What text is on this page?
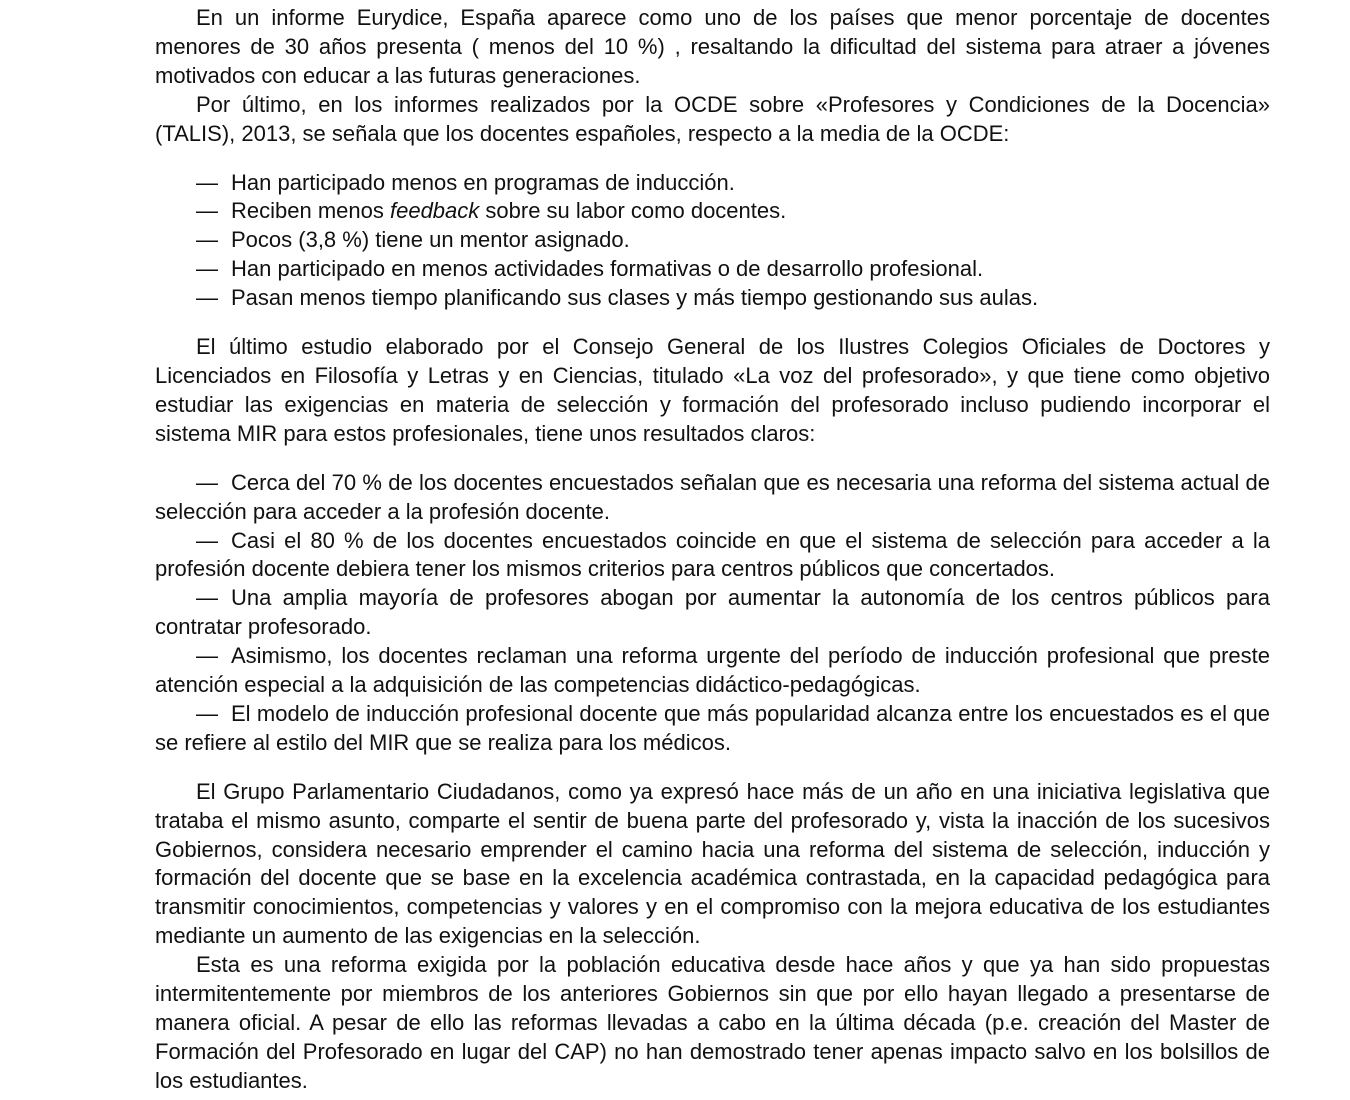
En un informe Eurydice, España aparece como uno de los países que menor porcentaje de docentes menores de 30 años presenta ( menos del 10 %) , resaltando la dificultad del sistema para atraer a jóvenes motivados con educar a las futuras generaciones.

Por último, en los informes realizados por la OCDE sobre «Profesores y Condiciones de la Docencia» (TALIS), 2013, se señala que los docentes españoles, respecto a la media de la OCDE:

— Han participado menos en programas de inducción.
— Reciben menos feedback sobre su labor como docentes.
— Pocos (3,8 %) tiene un mentor asignado.
— Han participado en menos actividades formativas o de desarrollo profesional.
— Pasan menos tiempo planificando sus clases y más tiempo gestionando sus aulas.

El último estudio elaborado por el Consejo General de los Ilustres Colegios Oficiales de Doctores y Licenciados en Filosofía y Letras y en Ciencias, titulado «La voz del profesorado», y que tiene como objetivo estudiar las exigencias en materia de selección y formación del profesorado incluso pudiendo incorporar el sistema MIR para estos profesionales, tiene unos resultados claros:

— Cerca del 70 % de los docentes encuestados señalan que es necesaria una reforma del sistema actual de selección para acceder a la profesión docente.
— Casi el 80 % de los docentes encuestados coincide en que el sistema de selección para acceder a la profesión docente debiera tener los mismos criterios para centros públicos que concertados.
— Una amplia mayoría de profesores abogan por aumentar la autonomía de los centros públicos para contratar profesorado.
— Asimismo, los docentes reclaman una reforma urgente del período de inducción profesional que preste atención especial a la adquisición de las competencias didáctico-pedagógicas.
— El modelo de inducción profesional docente que más popularidad alcanza entre los encuestados es el que se refiere al estilo del MIR que se realiza para los médicos.

El Grupo Parlamentario Ciudadanos, como ya expresó hace más de un año en una iniciativa legislativa que trataba el mismo asunto, comparte el sentir de buena parte del profesorado y, vista la inacción de los sucesivos Gobiernos, considera necesario emprender el camino hacia una reforma del sistema de selección, inducción y formación del docente que se base en la excelencia académica contrastada, en la capacidad pedagógica para transmitir conocimientos, competencias y valores y en el compromiso con la mejora educativa de los estudiantes mediante un aumento de las exigencias en la selección.

Esta es una reforma exigida por la población educativa desde hace años y que ya han sido propuestas intermitentemente por miembros de los anteriores Gobiernos sin que por ello hayan llegado a presentarse de manera oficial. A pesar de ello las reformas llevadas a cabo en la última década (p.e. creación del Master de Formación del Profesorado en lugar del CAP) no han demostrado tener apenas impacto salvo en los bolsillos de los estudiantes.
